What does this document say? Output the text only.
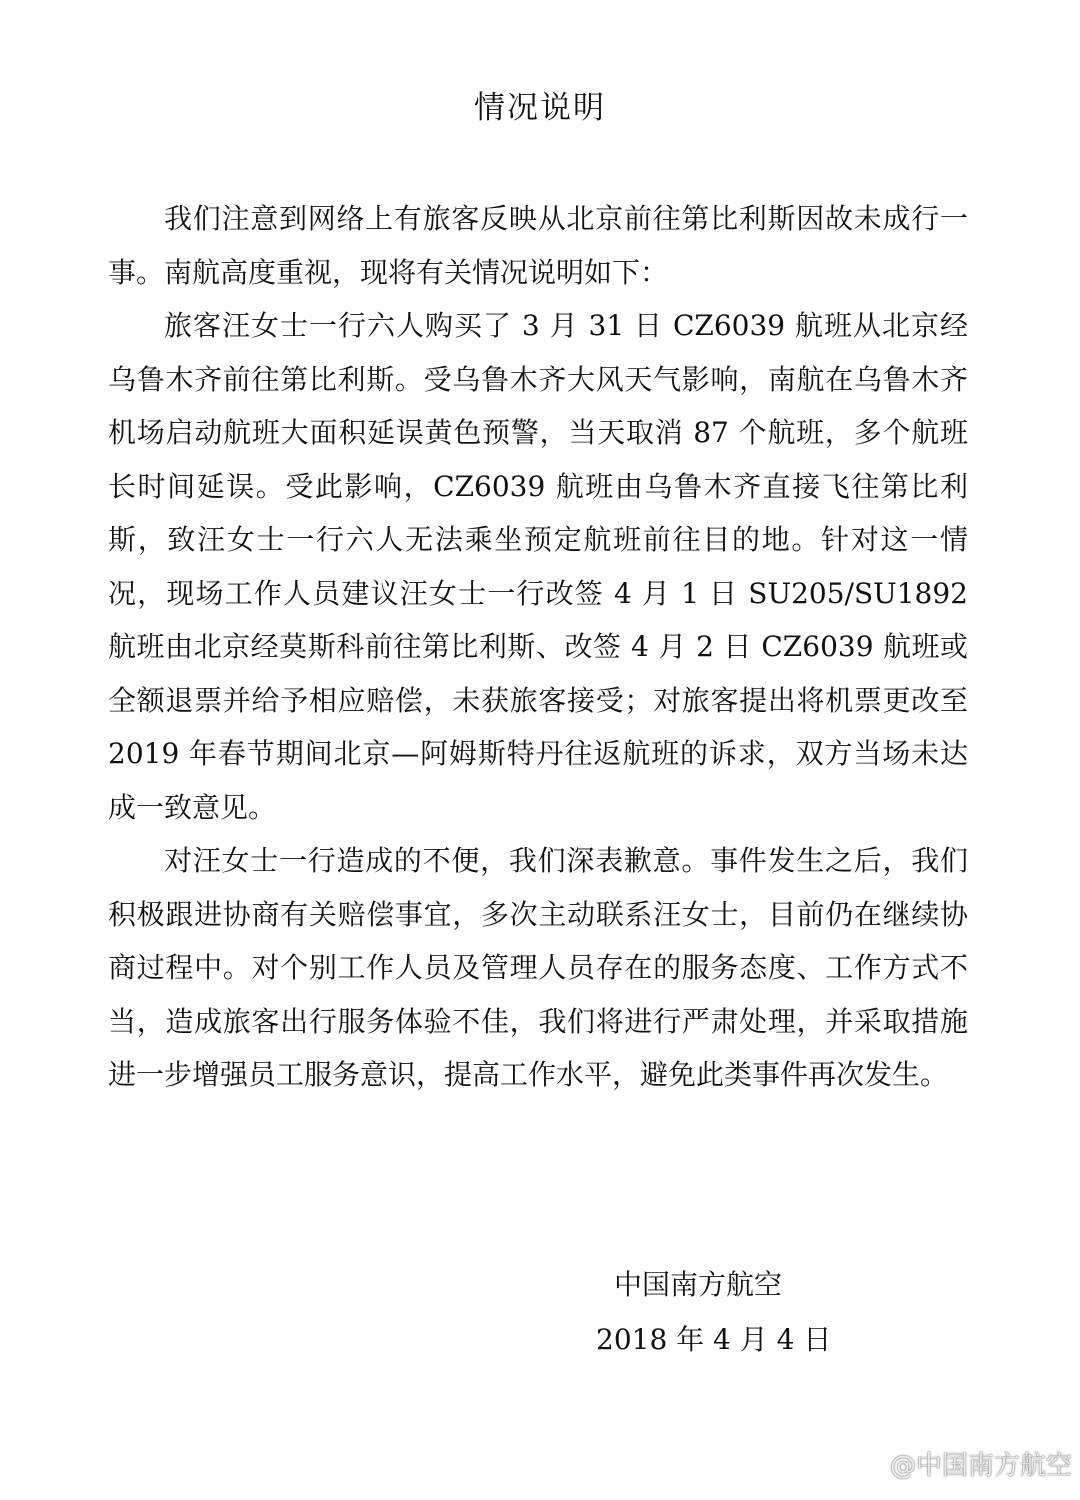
情况说明

我们注意到网络上有旅客反映从北京前往第比利斯因故未成行一事。南航高度重视，现将有关情况说明如下：

旅客汪女士一行六人购买了 3 月 31 日 CZ6039 航班从北京经乌鲁木齐前往第比利斯。受乌鲁木齐大风天气影响，南航在乌鲁木齐机场启动航班大面积延误黄色预警，当天取消 87 个航班，多个航班长时间延误。受此影响，CZ6039 航班由乌鲁木齐直接飞往第比利斯，致汪女士一行六人无法乘坐预定航班前往目的地。针对这一情况，现场工作人员建议汪女士一行改签 4 月 1 日 SU205/SU1892 航班由北京经莫斯科前往第比利斯、改签 4 月 2 日 CZ6039 航班或全额退票并给予相应赔偿，未获旅客接受；对旅客提出将机票更改至 2019 年春节期间北京—阿姆斯特丹往返航班的诉求，双方当场未达成一致意见。

对汪女士一行造成的不便，我们深表歉意。事件发生之后，我们积极跟进协商有关赔偿事宜，多次主动联系汪女士，目前仍在继续协商过程中。对个别工作人员及管理人员存在的服务态度、工作方式不当，造成旅客出行服务体验不佳，我们将进行严肃处理，并采取措施进一步增强员工服务意识，提高工作水平，避免此类事件再次发生。

中国南方航空
2018 年 4 月 4 日
@中国南方航空
